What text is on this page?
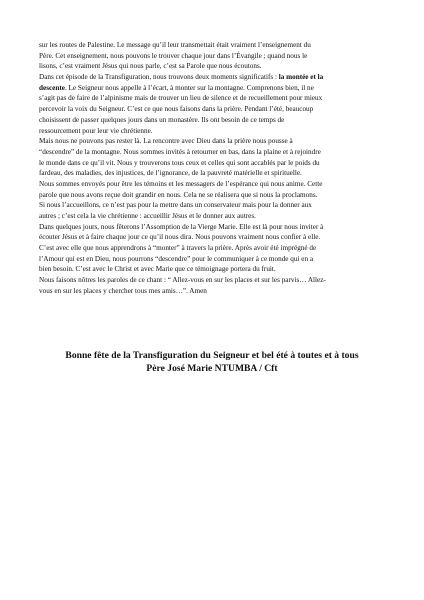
sur les routes de Palestine. Le message qu’il leur transmettait était vraiment l’enseignement du
Père. Cet enseignement, nous pouvons le trouver chaque jour dans l’Évangile ; quand nous le
lisons, c’est vraiment Jésus qui nous parle, c’est sa Parole que nous écoutons.
Dans cet épisode de la Transfiguration, nous trouvons deux moments significatifs : la montée et la
descente. Le Seigneur nous appelle à l’écart, à monter sur la montagne. Comprenons bien, il ne
s’agit pas de faire de l’alpinisme mais de trouver un lieu de silence et de recueillement pour mieux
percevoir la voix du Seigneur. C’est ce que nous faisons dans la prière. Pendant l’été, beaucoup
choisissent de passer quelques jours dans un monastère. Ils ont besoin de ce temps de
ressourcement pour leur vie chrétienne.
Mais nous ne pouvons pas rester là. La rencontre avec Dieu dans la prière nous pousse à
“descendre” de la montagne. Nous sommes invités à retourner en bas, dans la plaine et à rejoindre
le monde dans ce qu’il vit. Nous y trouverons tous ceux et celles qui sont accablés par le poids du
fardeau, des maladies, des injustices, de l’ignorance, de la pauvreté matérielle et spirituelle.
Nous sommes envoyés pour être les témoins et les messagers de l’espérance qui nous anime. Cette
parole que nous avons reçue doit grandir en nous. Cela ne se réalisera que si nous la proclamons.
Si nous l’accueillons, ce n’est pas pour la mettre dans un conservateur mais pour la donner aux
autres ; c’est cela la vie chrétienne : accueillir Jésus et le donner aux autres.
Dans quelques jours, nous fêterons l’Assomption de la Vierge Marie. Elle est là pour nous inviter à
écouter Jésus et à faire chaque jour ce qu’il nous dira. Nous pouvons vraiment nous confier à elle.
C’est avec elle que nous apprendrons à “monter” à travers la prière. Après avoir été imprégné de
l’Amour qui est en Dieu, nous pourrons “descendre” pour le communiquer à ce monde qui en a
bien besoin. C’est avec le Christ et avec Marie que ce témoignage portera du fruit.
Nous faisons nôtres les paroles de ce chant : “ Allez-vous en sur les places et sur les parvis… Allez-
vous en sur les places y chercher tous mes amis…”. Amen
Bonne fête de la Transfiguration du Seigneur et bel été à toutes et à tous
Père José Marie NTUMBA / Cft
